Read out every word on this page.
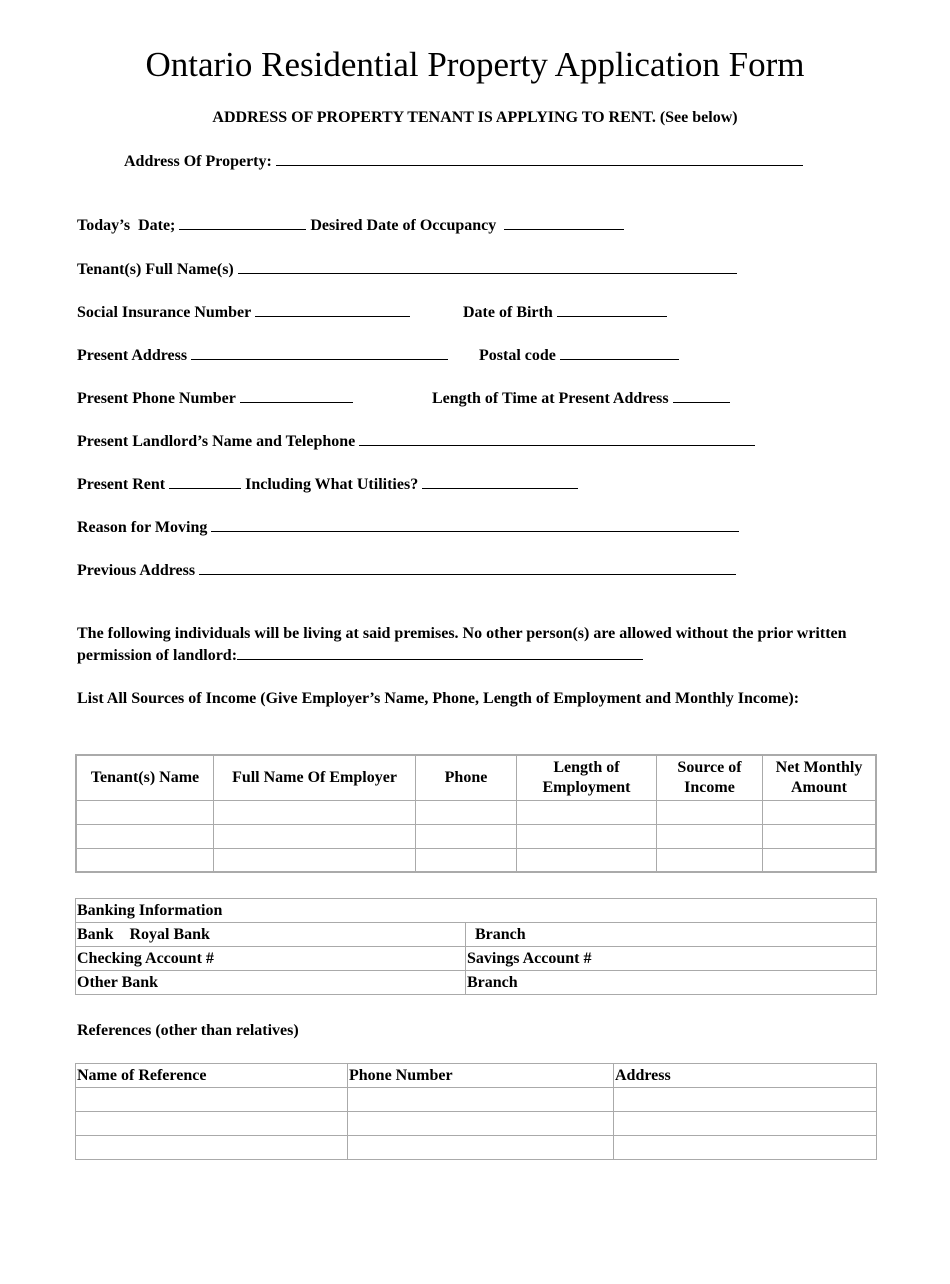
Ontario Residential Property Application Form
ADDRESS OF PROPERTY TENANT IS APPLYING TO RENT. (See below)
Address Of Property:
Today’s  Date;	Desired Date of Occupancy
Tenant(s) Full Name(s)
Social Insurance Number	Date of Birth
Present Address	Postal code
Present Phone Number	Length of Time at Present Address
Present Landlord’s Name and Telephone
Present Rent	Including What Utilities?
Reason for Moving
Previous Address
The following individuals will be living at said premises. No other person(s) are allowed without the prior written permission of landlord:
List All Sources of Income (Give Employer’s Name, Phone, Length of Employment and Monthly Income):
Tenant(s) Name	Full Name Of Employer	Phone	Length of Employment	Source of Income	Net Monthly Amount

Banking Information	
Bank Royal Bank	Branch
Checking Account #	Savings Account #
Other Bank	Branch
References (other than relatives)
Name of Reference	Phone Number	Address
